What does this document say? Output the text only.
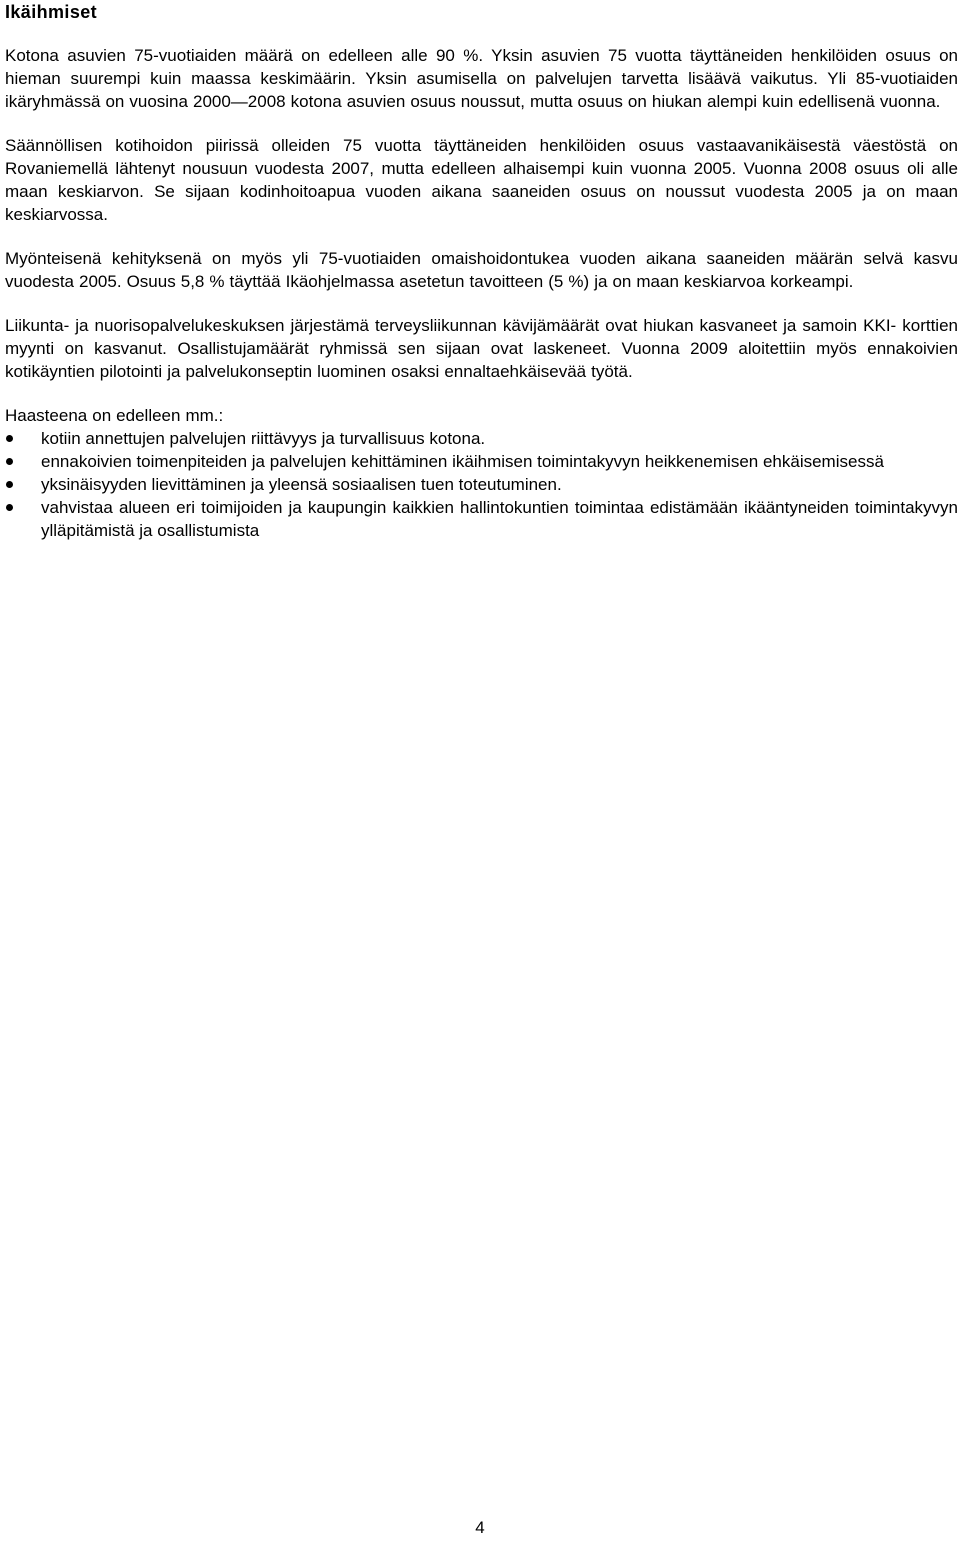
Ikäihmiset

Kotona asuvien 75-vuotiaiden määrä on edelleen alle 90 %. Yksin asuvien 75 vuotta täyttäneiden henkilöiden osuus on hieman suurempi kuin maassa keskimäärin. Yksin asumisella on palvelujen tarvetta lisäävä vaikutus. Yli 85-vuotiaiden ikäryhmässä on vuosina 2000—2008 kotona asuvien osuus noussut, mutta osuus on hiukan alempi kuin edellisenä vuonna.

Säännöllisen kotihoidon piirissä olleiden 75 vuotta täyttäneiden henkilöiden osuus vastaavanikäisestä väestöstä on Rovaniemellä lähtenyt nousuun vuodesta 2007, mutta edelleen alhaisempi kuin vuonna 2005. Vuonna 2008 osuus oli alle maan keskiarvon. Se sijaan kodinhoitoapua vuoden aikana saaneiden osuus on noussut vuodesta 2005 ja on maan keskiarvossa.

Myönteisenä kehityksenä on myös yli 75-vuotiaiden omaishoidontukea vuoden aikana saaneiden määrän selvä kasvu vuodesta 2005. Osuus 5,8 % täyttää Ikäohjelmassa asetetun tavoitteen (5 %) ja on maan keskiarvoa korkeampi.

Liikunta- ja nuorisopalvelukeskuksen järjestämä terveysliikunnan kävijämäärät ovat hiukan kasvaneet ja samoin KKI- korttien myynti on kasvanut. Osallistujamäärät ryhmissä sen sijaan ovat laskeneet. Vuonna 2009 aloitettiin myös ennakoivien kotikäyntien pilotointi ja palvelukonseptin luominen osaksi ennaltaehkäisevää työtä.

Haasteena on edelleen mm.:

kotiin annettujen palvelujen riittävyys ja turvallisuus kotona.
ennakoivien toimenpiteiden ja palvelujen kehittäminen ikäihmisen toimintakyvyn heikkenemisen ehkäisemisessä
yksinäisyyden lievittäminen ja yleensä sosiaalisen tuen toteutuminen.
vahvistaa alueen eri toimijoiden ja kaupungin kaikkien hallintokuntien toimintaa edistämään ikääntyneiden toimintakyvyn ylläpitämistä ja osallistumista
4
